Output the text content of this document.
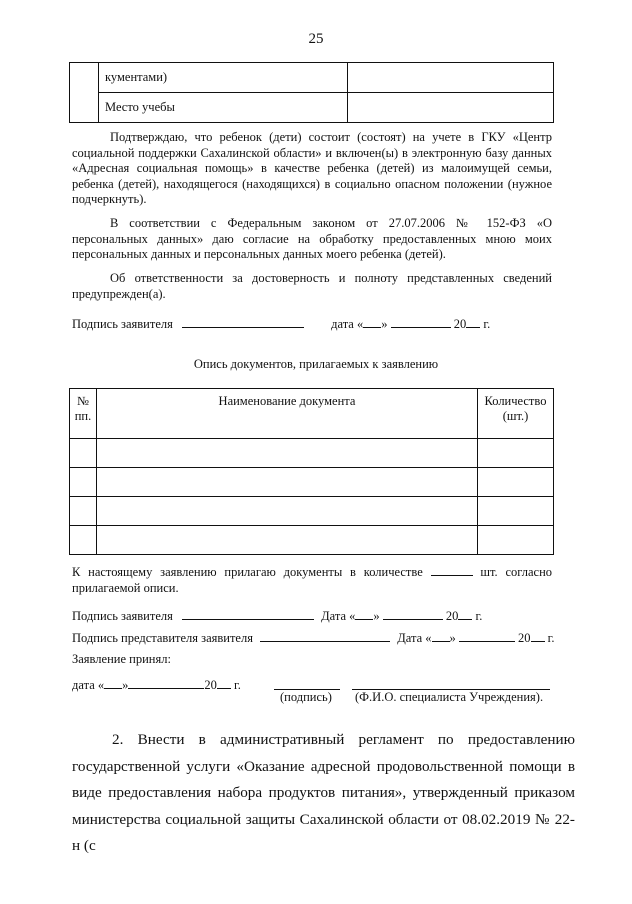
25
	кументами)	
	Место учебы	
Подтверждаю, что ребенок (дети) состоит (состоят) на учете в ГКУ «Центр социальной поддержки Сахалинской области» и включен(ы) в электронную базу данных «Адресная социальная помощь» в качестве ребенка (детей) из малоимущей семьи, ребенка (детей), находящегося (находящихся) в социально опасном положении (нужное подчеркнуть).
В соответствии с Федеральным законом от 27.07.2006 № 152-ФЗ «О персональных данных» даю согласие на обработку предоставленных мною моих персональных данных и персональных данных моего ребенка (детей).
Об ответственности за достоверность и полноту представленных сведений предупрежден(а).
Подпись заявителя	дата « »	20 г.
Опись документов, прилагаемых к заявлению
№ пп.	Наименование документа	Количество (шт.)

К настоящему заявлению прилагаю документы в количестве	шт. согласно прилагаемой описи.
Подпись заявителя	Дата « »	20 г.
Подпись представителя заявителя	Дата « »	20 г.
Заявление принял:
дата « »	20 г.
(подпись) (Ф.И.О. специалиста Учреждения).
2. Внести в административный регламент по предоставлению государственной услуги «Оказание адресной продовольственной помощи в виде предоставления набора продуктов питания», утвержденный приказом министерства социальной защиты Сахалинской области от 08.02.2019 № 22-н (с
